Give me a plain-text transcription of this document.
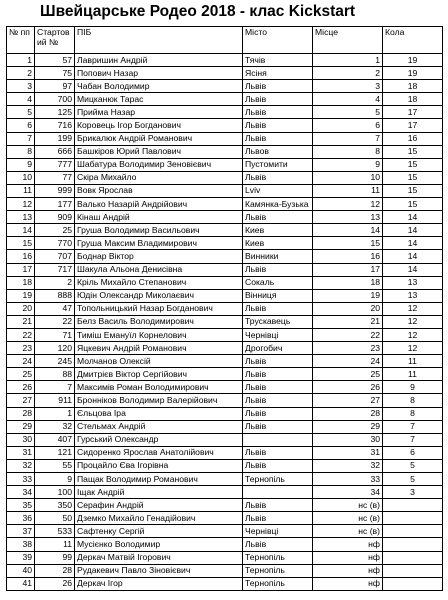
Швейцарське Родео 2018 - клас Kickstart
№ пп	Стартов ий №	ПІБ	Місто	Місце	Кола
1	57	Лавришин Андрій	Тячів	1	19
2	75	Попович Назар	Ясіня	2	19
3	97	Чабан Володимир	Львів	3	18
4	700	Мицканюк Тарас	Львів	4	18
5	125	Прийма Назар	Львів	5	17
6	716	Коровець Ігор Богданович	Львів	6	17
7	199	Брикалюк Андрій Романович	Львів	7	16
8	666	Башкіров Юрий Павлович	Львов	8	15
9	777	Шабатура Володимир Зеновієвич	Пустомити	9	15
10	77	Скіра Михайло	Львів	10	15
11	999	Вовк Ярослав	Lviv	11	15
12	177	Валько Назарій Андрійович	Камянка-Бузька	12	15
13	909	Кінаш Андрій	Львів	13	14
14	25	Груша Володимир Васильович	Киев	14	14
15	770	Груша Максим Владимирович	Киев	15	14
16	707	Боднар Віктор	Винники	16	14
17	717	Шакула Альона Денисівна	Львів	17	14
18	2	Кріль Михайло Степанович	Сокаль	18	13
19	888	Юдін Олександр Миколаєвич	Вінниця	19	13
20	47	Топольницький Назар Богданович	Львів	20	12
21	22	Белз Василь Володимирович	Трускавець	21	12
22	71	Тиміш Емануїл Корнелович	Чернівці	22	12
23	120	Яцкевич Андрій Романович	Дрогобич	23	12
24	245	Молчанов Олексій	Львів	24	11
25	88	Дмитрієв Віктор Сергійович	Львів	25	11
26	7	Максимів Роман Володимирович	Львів	26	9
27	911	Бронніков Володимир Валерійович	Львів	27	8
28	1	Єльцова Іра	Львів	28	8
29	32	Стельмах Андрій	Львів	29	7
30	407	Гурський Олександр		30	7
31	121	Сидоренко Ярослав Анатолійович	Львів	31	6
32	55	Процайло Єва Ігорівна	Львів	32	5
33	9	Пащак Володимир Романович	Тернопіль	33	5
34	100	Іщак Андрій		34	3
35	350	Серафин Андрій	Львів	нс (в)	
36	50	Дземко Михайло Генадійович	Львів	нс (в)	
37	533	Сафтенку Сергій	Чернівці	нс (в)	
38	11	Мусієнко Володимир	Львів	нф	
39	99	Деркач Матвій Ігорович	Тернопіль	нф	
40	28	Рудакевич Павло Зіновієвич	Тернопіль	нф	
41	26	Деркач Ігор	Тернопіль	нф	
